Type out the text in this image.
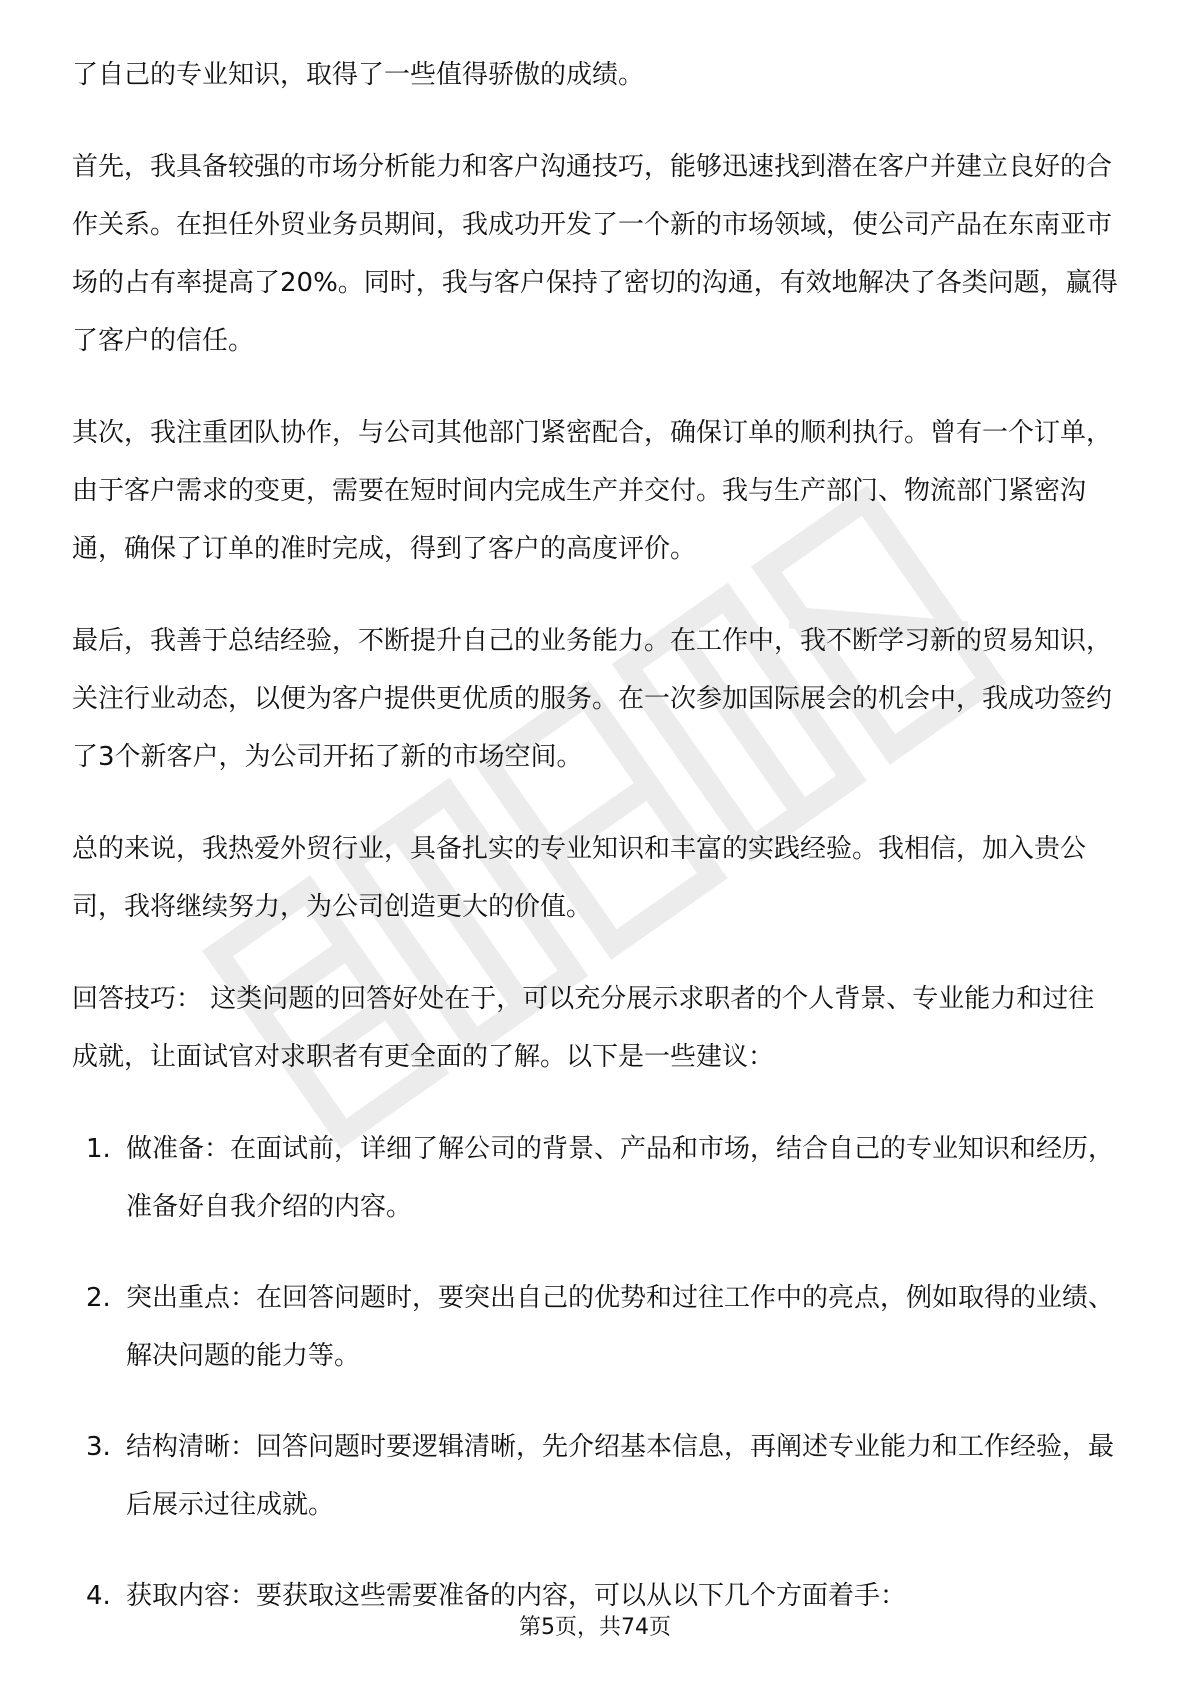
了自己的专业知识，取得了一些值得骄傲的成绩。

首先，我具备较强的市场分析能力和客户沟通技巧，能够迅速找到潜在客户并建立良好的合作关系。在担任外贸业务员期间，我成功开发了一个新的市场领域，使公司产品在东南亚市场的占有率提高了20%。同时，我与客户保持了密切的沟通，有效地解决了各类问题，赢得了客户的信任。

其次，我注重团队协作，与公司其他部门紧密配合，确保订单的顺利执行。曾有一个订单，由于客户需求的变更，需要在短时间内完成生产并交付。我与生产部门、物流部门紧密沟通，确保了订单的准时完成，得到了客户的高度评价。

最后，我善于总结经验，不断提升自己的业务能力。在工作中，我不断学习新的贸易知识，关注行业动态，以便为客户提供更优质的服务。在一次参加国际展会的机会中，我成功签约了3个新客户，为公司开拓了新的市场空间。

总的来说，我热爱外贸行业，具备扎实的专业知识和丰富的实践经验。我相信，加入贵公司，我将继续努力，为公司创造更大的价值。

回答技巧： 这类问题的回答好处在于，可以充分展示求职者的个人背景、专业能力和过往成就，让面试官对求职者有更全面的了解。以下是一些建议：

1. 做准备：在面试前，详细了解公司的背景、产品和市场，结合自己的专业知识和经历，准备好自我介绍的内容。
2. 突出重点：在回答问题时，要突出自己的优势和过往工作中的亮点，例如取得的业绩、解决问题的能力等。
3. 结构清晰：回答问题时要逻辑清晰，先介绍基本信息，再阐述专业能力和工作经验，最后展示过往成就。
4. 获取内容：要获取这些需要准备的内容，可以从以下几个方面着手：
第5页，共74页
